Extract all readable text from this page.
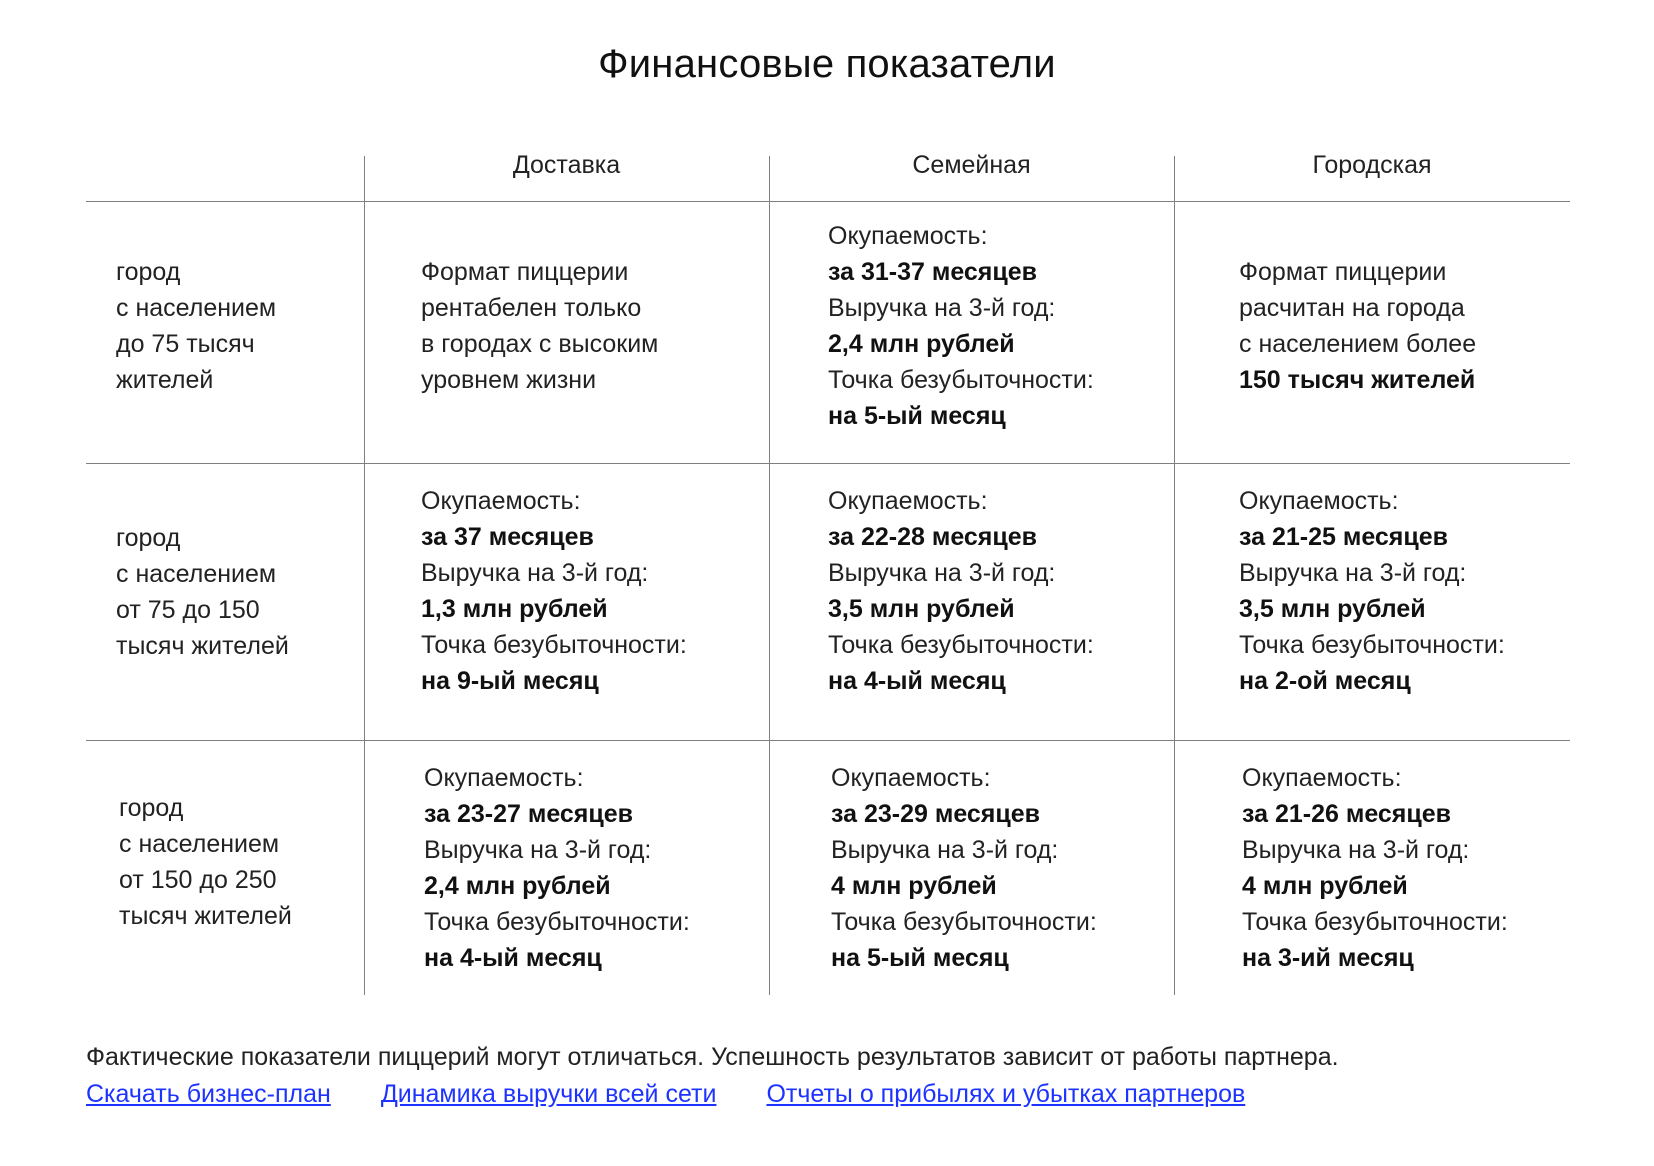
Финансовые показатели
Доставка	Семейная	Городская
город
с населением
до 75 тысяч
жителей
город
с населением
от 75 до 150
тысяч жителей
город
с населением
от 150 до 250
тысяч жителей
Формат пиццерии
рентабелен только
в городах с высоким
уровнем жизни
Окупаемость:
за 31-37 месяцев
Выручка на 3-й год:
2,4 млн рублей
Точка безубыточности:
на 5-ый месяц
Формат пиццерии
расчитан на города
с населением более
150 тысяч жителей
Окупаемость:
за 37 месяцев
Выручка на 3-й год:
1,3 млн рублей
Точка безубыточности:
на 9-ый месяц
Окупаемость:
за 22-28 месяцев
Выручка на 3-й год:
3,5 млн рублей
Точка безубыточности:
на 4-ый месяц
Окупаемость:
за 21-25 месяцев
Выручка на 3-й год:
3,5 млн рублей
Точка безубыточности:
на 2-ой месяц
Окупаемость:
за 23-27 месяцев
Выручка на 3-й год:
2,4 млн рублей
Точка безубыточности:
на 4-ый месяц
Окупаемость:
за 23-29 месяцев
Выручка на 3-й год:
4 млн рублей
Точка безубыточности:
на 5-ый месяц
Окупаемость:
за 21-26 месяцев
Выручка на 3-й год:
4 млн рублей
Точка безубыточности:
на 3-ий месяц
Фактические показатели пиццерий могут отличаться. Успешность результатов зависит от работы партнера.
Скачать бизнес-план Динамика выручки всей сети Отчеты о прибылях и убытках партнеров
